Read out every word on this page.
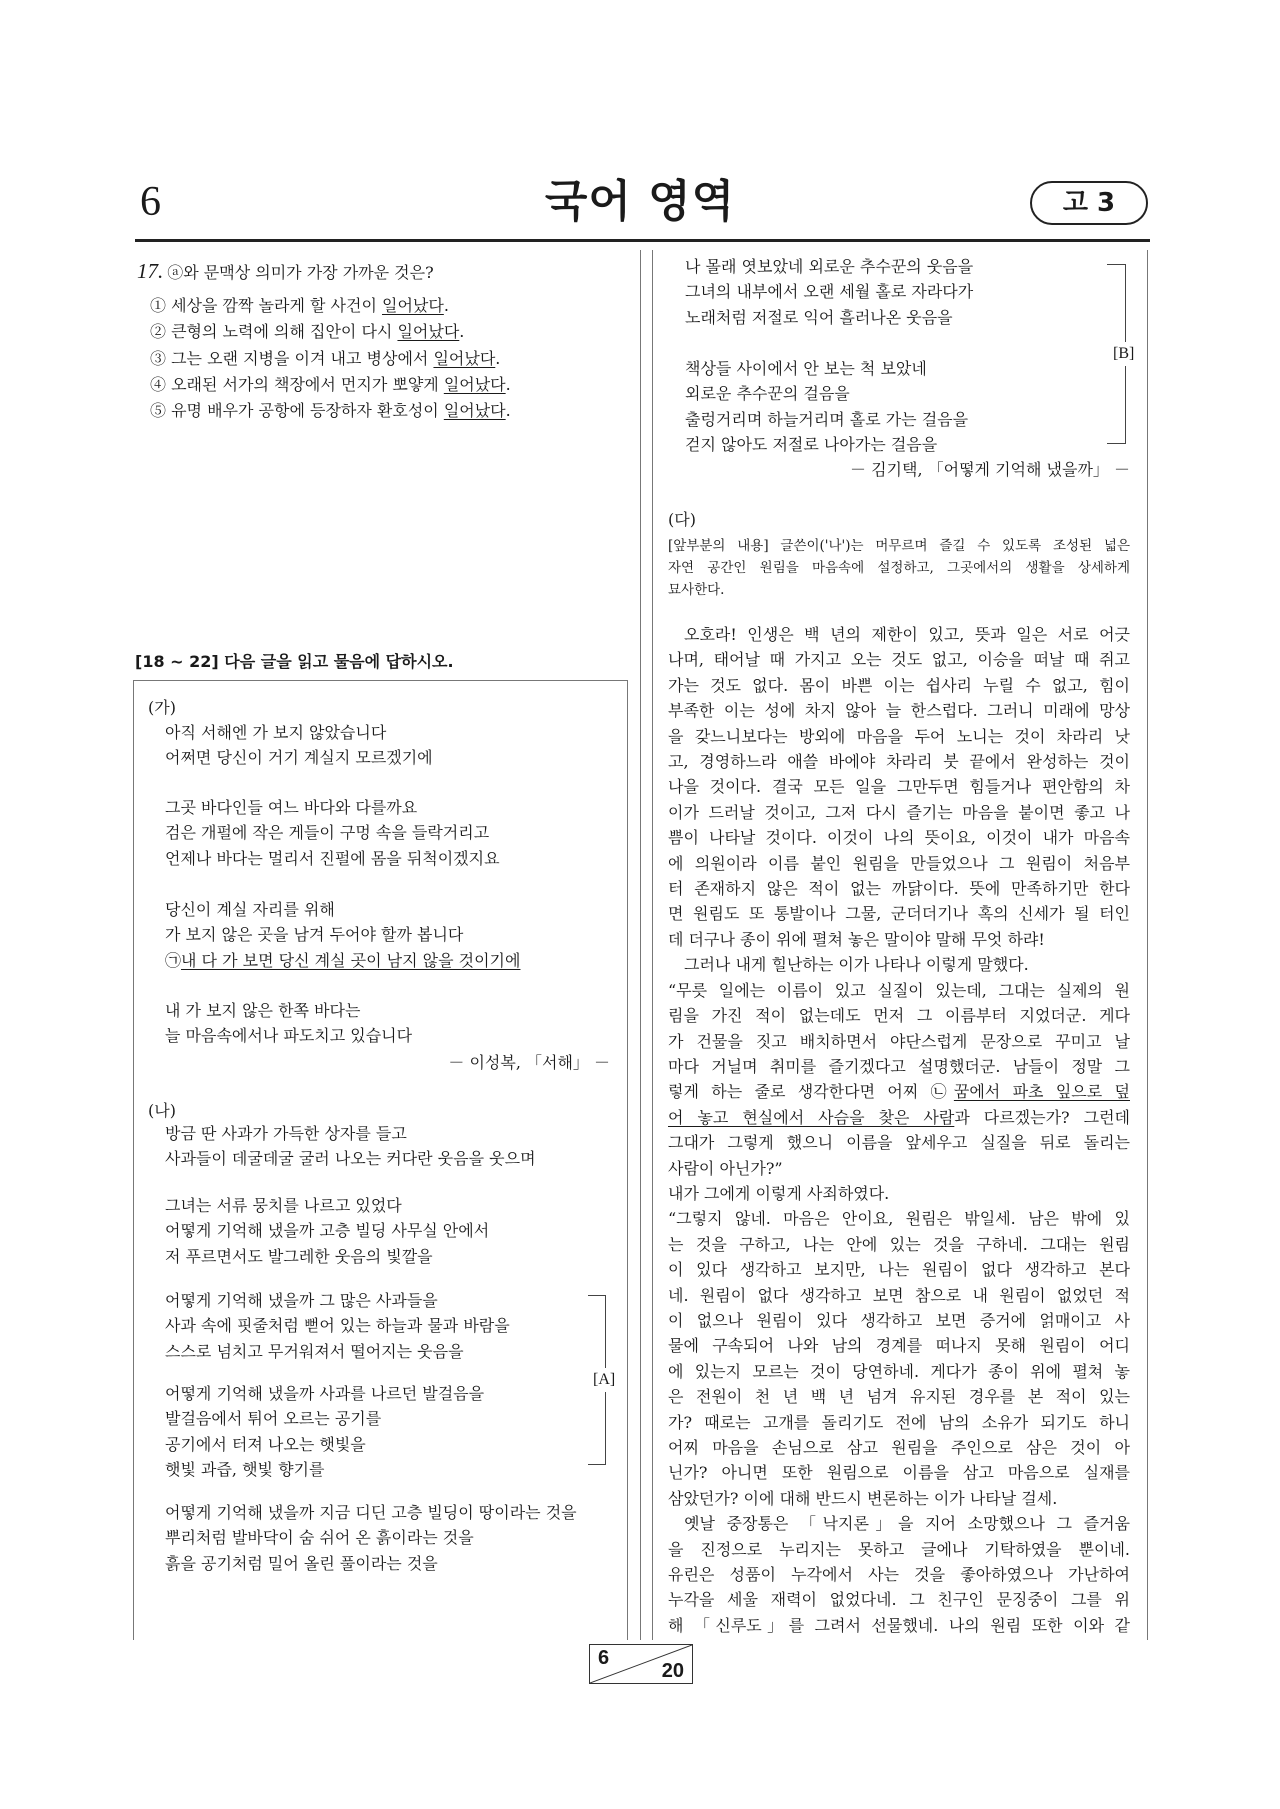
6	국어 영역	고 3
17. ⓐ와 문맥상 의미가 가장 가까운 것은?
① 세상을 깜짝 놀라게 할 사건이 일어났다.
② 큰형의 노력에 의해 집안이 다시 일어났다.
③ 그는 오랜 지병을 이겨 내고 병상에서 일어났다.
④ 오래된 서가의 책장에서 먼지가 뽀얗게 일어났다.
⑤ 유명 배우가 공항에 등장하자 환호성이 일어났다.
[18 ~ 22] 다음 글을 읽고 물음에 답하시오.
(가)
아직 서해엔 가 보지 않았습니다
어쩌면 당신이 거기 계실지 모르겠기에
그곳 바다인들 여느 바다와 다를까요
검은 개펄에 작은 게들이 구멍 속을 들락거리고
언제나 바다는 멀리서 진펄에 몸을 뒤척이겠지요
당신이 계실 자리를 위해
가 보지 않은 곳을 남겨 두어야 할까 봅니다
㉠내 다 가 보면 당신 계실 곳이 남지 않을 것이기에
내 가 보지 않은 한쪽 바다는
늘 마음속에서나 파도치고 있습니다
－ 이성복, 「서해」 －
(나)
방금 딴 사과가 가득한 상자를 들고
사과들이 데굴데굴 굴러 나오는 커다란 웃음을 웃으며
그녀는 서류 뭉치를 나르고 있었다
어떻게 기억해 냈을까 고층 빌딩 사무실 안에서
저 푸르면서도 발그레한 웃음의 빛깔을
어떻게 기억해 냈을까 그 많은 사과들을
사과 속에 핏줄처럼 뻗어 있는 하늘과 물과 바람을
스스로 넘치고 무거워져서 떨어지는 웃음을
어떻게 기억해 냈을까 사과를 나르던 발걸음을
발걸음에서 튀어 오르는 공기를
공기에서 터져 나오는 햇빛을
햇빛 과즙, 햇빛 향기를
어떻게 기억해 냈을까 지금 디딘 고층 빌딩이 땅이라는 것을
뿌리처럼 발바닥이 숨 쉬어 온 흙이라는 것을
흙을 공기처럼 밀어 올린 풀이라는 것을
[A]
나 몰래 엿보았네 외로운 추수꾼의 웃음을
그녀의 내부에서 오랜 세월 홀로 자라다가
노래처럼 저절로 익어 흘러나온 웃음을
책상들 사이에서 안 보는 척 보았네
외로운 추수꾼의 걸음을
출렁거리며 하늘거리며 홀로 가는 걸음을
걷지 않아도 저절로 나아가는 걸음을
[B]
－ 김기택, 「어떻게 기억해 냈을까」 －
(다)
[앞부분의 내용] 글쓴이('나')는 머무르며 즐길 수 있도록 조성된 넓은
자연 공간인 원림을 마음속에 설정하고, 그곳에서의 생활을 상세하게
묘사한다.
오호라! 인생은 백 년의 제한이 있고, 뜻과 일은 서로 어긋
나며, 태어날 때 가지고 오는 것도 없고, 이승을 떠날 때 쥐고
가는 것도 없다. 몸이 바쁜 이는 쉽사리 누릴 수 없고, 힘이
부족한 이는 성에 차지 않아 늘 한스럽다. 그러니 미래에 망상
을 갖느니보다는 방외에 마음을 두어 노니는 것이 차라리 낫
고, 경영하느라 애쓸 바에야 차라리 붓 끝에서 완성하는 것이
나을 것이다. 결국 모든 일을 그만두면 힘들거나 편안함의 차
이가 드러날 것이고, 그저 다시 즐기는 마음을 붙이면 좋고 나
쁨이 나타날 것이다. 이것이 나의 뜻이요, 이것이 내가 마음속
에 의원이라 이름 붙인 원림을 만들었으나 그 원림이 처음부
터 존재하지 않은 적이 없는 까닭이다. 뜻에 만족하기만 한다
면 원림도 또 통발이나 그물, 군더더기나 혹의 신세가 될 터인
데 더구나 종이 위에 펼쳐 놓은 말이야 말해 무엇 하랴!
그러나 내게 힐난하는 이가 나타나 이렇게 말했다.
“무릇 일에는 이름이 있고 실질이 있는데, 그대는 실제의 원
림을 가진 적이 없는데도 먼저 그 이름부터 지었더군. 게다
가 건물을 짓고 배치하면서 야단스럽게 문장으로 꾸미고 날
마다 거닐며 취미를 즐기겠다고 설명했더군. 남들이 정말 그
렇게 하는 줄로 생각한다면 어찌 ㉡꿈에서 파초 잎으로 덮
어 놓고 현실에서 사슴을 찾은 사람과 다르겠는가? 그런데
그대가 그렇게 했으니 이름을 앞세우고 실질을 뒤로 돌리는
사람이 아닌가?”
내가 그에게 이렇게 사죄하였다.
“그렇지 않네. 마음은 안이요, 원림은 밖일세. 남은 밖에 있
는 것을 구하고, 나는 안에 있는 것을 구하네. 그대는 원림
이 있다 생각하고 보지만, 나는 원림이 없다 생각하고 본다
네. 원림이 없다 생각하고 보면 참으로 내 원림이 없었던 적
이 없으나 원림이 있다 생각하고 보면 증거에 얽매이고 사
물에 구속되어 나와 남의 경계를 떠나지 못해 원림이 어디
에 있는지 모르는 것이 당연하네. 게다가 종이 위에 펼쳐 놓
은 전원이 천 년 백 년 넘겨 유지된 경우를 본 적이 있는
가? 때로는 고개를 돌리기도 전에 남의 소유가 되기도 하니
어찌 마음을 손님으로 삼고 원림을 주인으로 삼은 것이 아
닌가? 아니면 또한 원림으로 이름을 삼고 마음으로 실재를
삼았던가? 이에 대해 반드시 변론하는 이가 나타날 걸세.
옛날 중장통은 「낙지론」을 지어 소망했으나 그 즐거움
을 진정으로 누리지는 못하고 글에나 기탁하였을 뿐이네.
유린은 성품이 누각에서 사는 것을 좋아하였으나 가난하여
누각을 세울 재력이 없었다네. 그 친구인 문징중이 그를 위
해 「신루도」를 그려서 선물했네. 나의 원림 또한 이와 같
6
20
